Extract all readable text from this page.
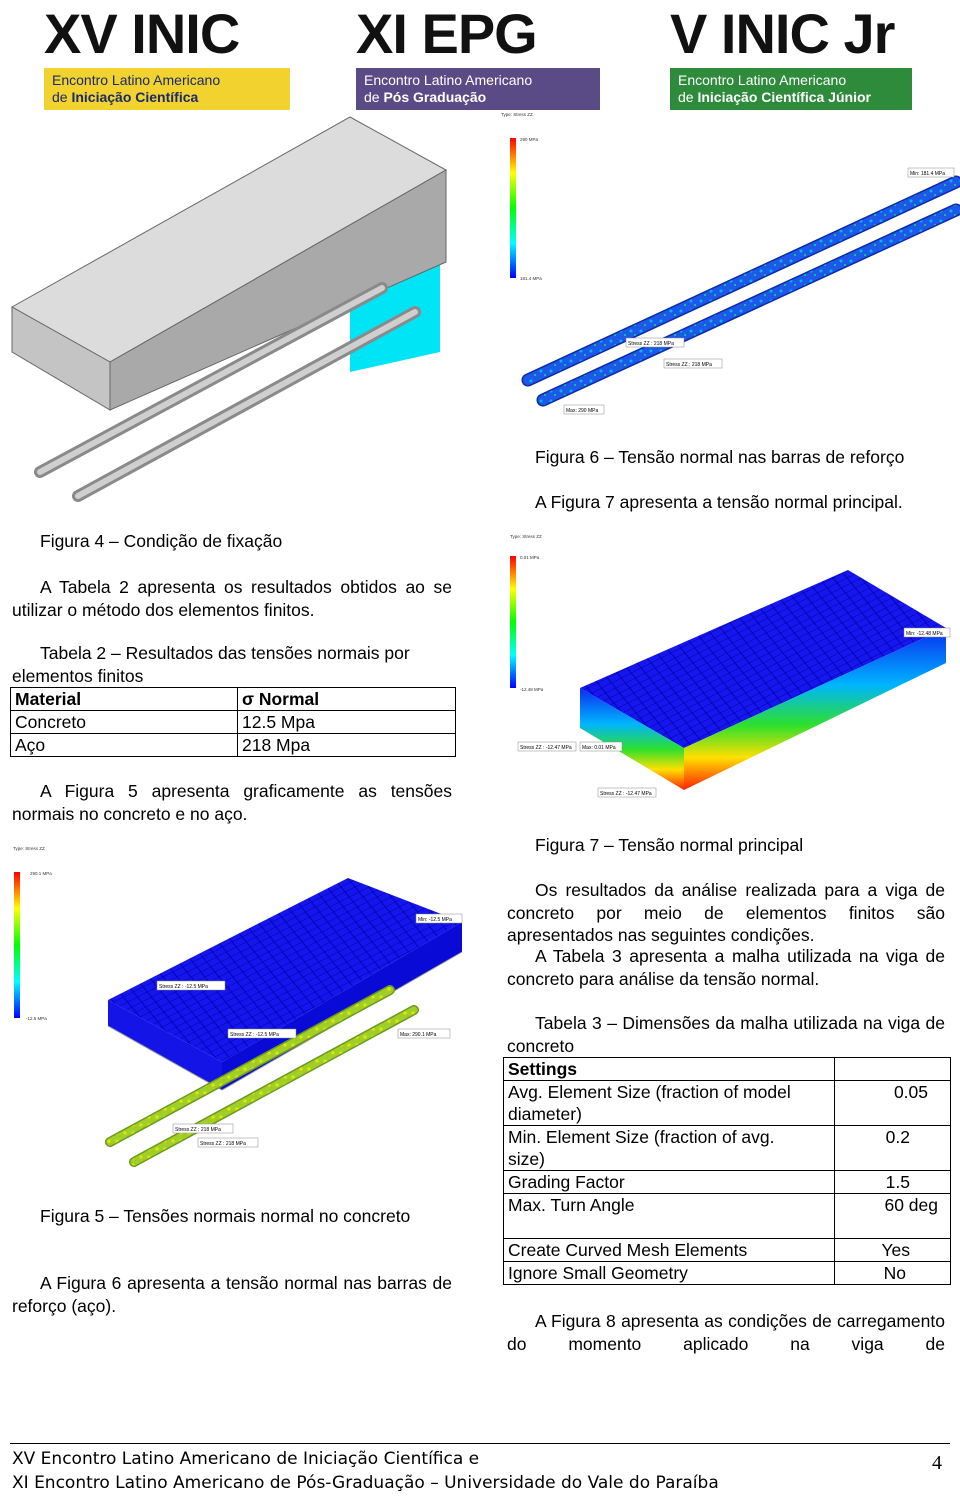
XV INIC
Encontro Latino Americano
de Iniciação Científica
XI EPG
Encontro Latino Americano
de Pós Graduação
V INIC Jr
Encontro Latino Americano
de Iniciação Científica Júnior
Figura 4 – Condição de fixação
A Tabela 2 apresenta os resultados obtidos ao se utilizar o método dos elementos finitos.
Tabela 2 – Resultados das tensões normais por elementos finitos
Material	σ Normal
Concreto	12.5 Mpa
Aço	218 Mpa
A Figura 5 apresenta graficamente as tensões normais no concreto e no aço.
Type: Stress ZZ
290.1 MPa
-12.5 MPa
Stress ZZ : -12.5 MPa
Min: -12.5 MPa
Stress ZZ : -12.5 MPa	Max: 290.1 MPa
Stress ZZ : 218 MPa
Stress ZZ : 218 MPa
Figura 5 – Tensões normais normal no concreto
A Figura 6 apresenta a tensão normal nas barras de reforço (aço).
Type: Stress ZZ
290 MPa
181.4 MPa
Min: 181.4 MPa
Stress ZZ : 218 MPa
Stress ZZ : 218 MPa
Max: 290 MPa
Figura 6 – Tensão normal nas barras de reforço
A Figura 7 apresenta a tensão normal principal.
Type: Stress ZZ
0.01 MPa
-12.48 MPa
Stress ZZ : -12.47 MPa Max: 0.01 MPa
Min: -12.48 MPa
Stress ZZ : -12.47 MPa
Figura 7 – Tensão normal principal
Os resultados da análise realizada para a viga de concreto por meio de elementos finitos são apresentados nas seguintes condições.
A Tabela 3 apresenta a malha utilizada na viga de concreto para análise da tensão normal.
Tabela 3 – Dimensões da malha utilizada na viga de concreto
Settings	
Avg. Element Size (fraction of model diameter)	0.05
Min. Element Size (fraction of avg. size)	0.2
Grading Factor	1.5
Max. Turn Angle	60 deg
Create Curved Mesh Elements	Yes
Ignore Small Geometry	No
A Figura 8 apresenta as condições de carregamento do momento aplicado na viga de
XV Encontro Latino Americano de Iniciação Científica e
XI Encontro Latino Americano de Pós-Graduação – Universidade do Vale do Paraíba
4
